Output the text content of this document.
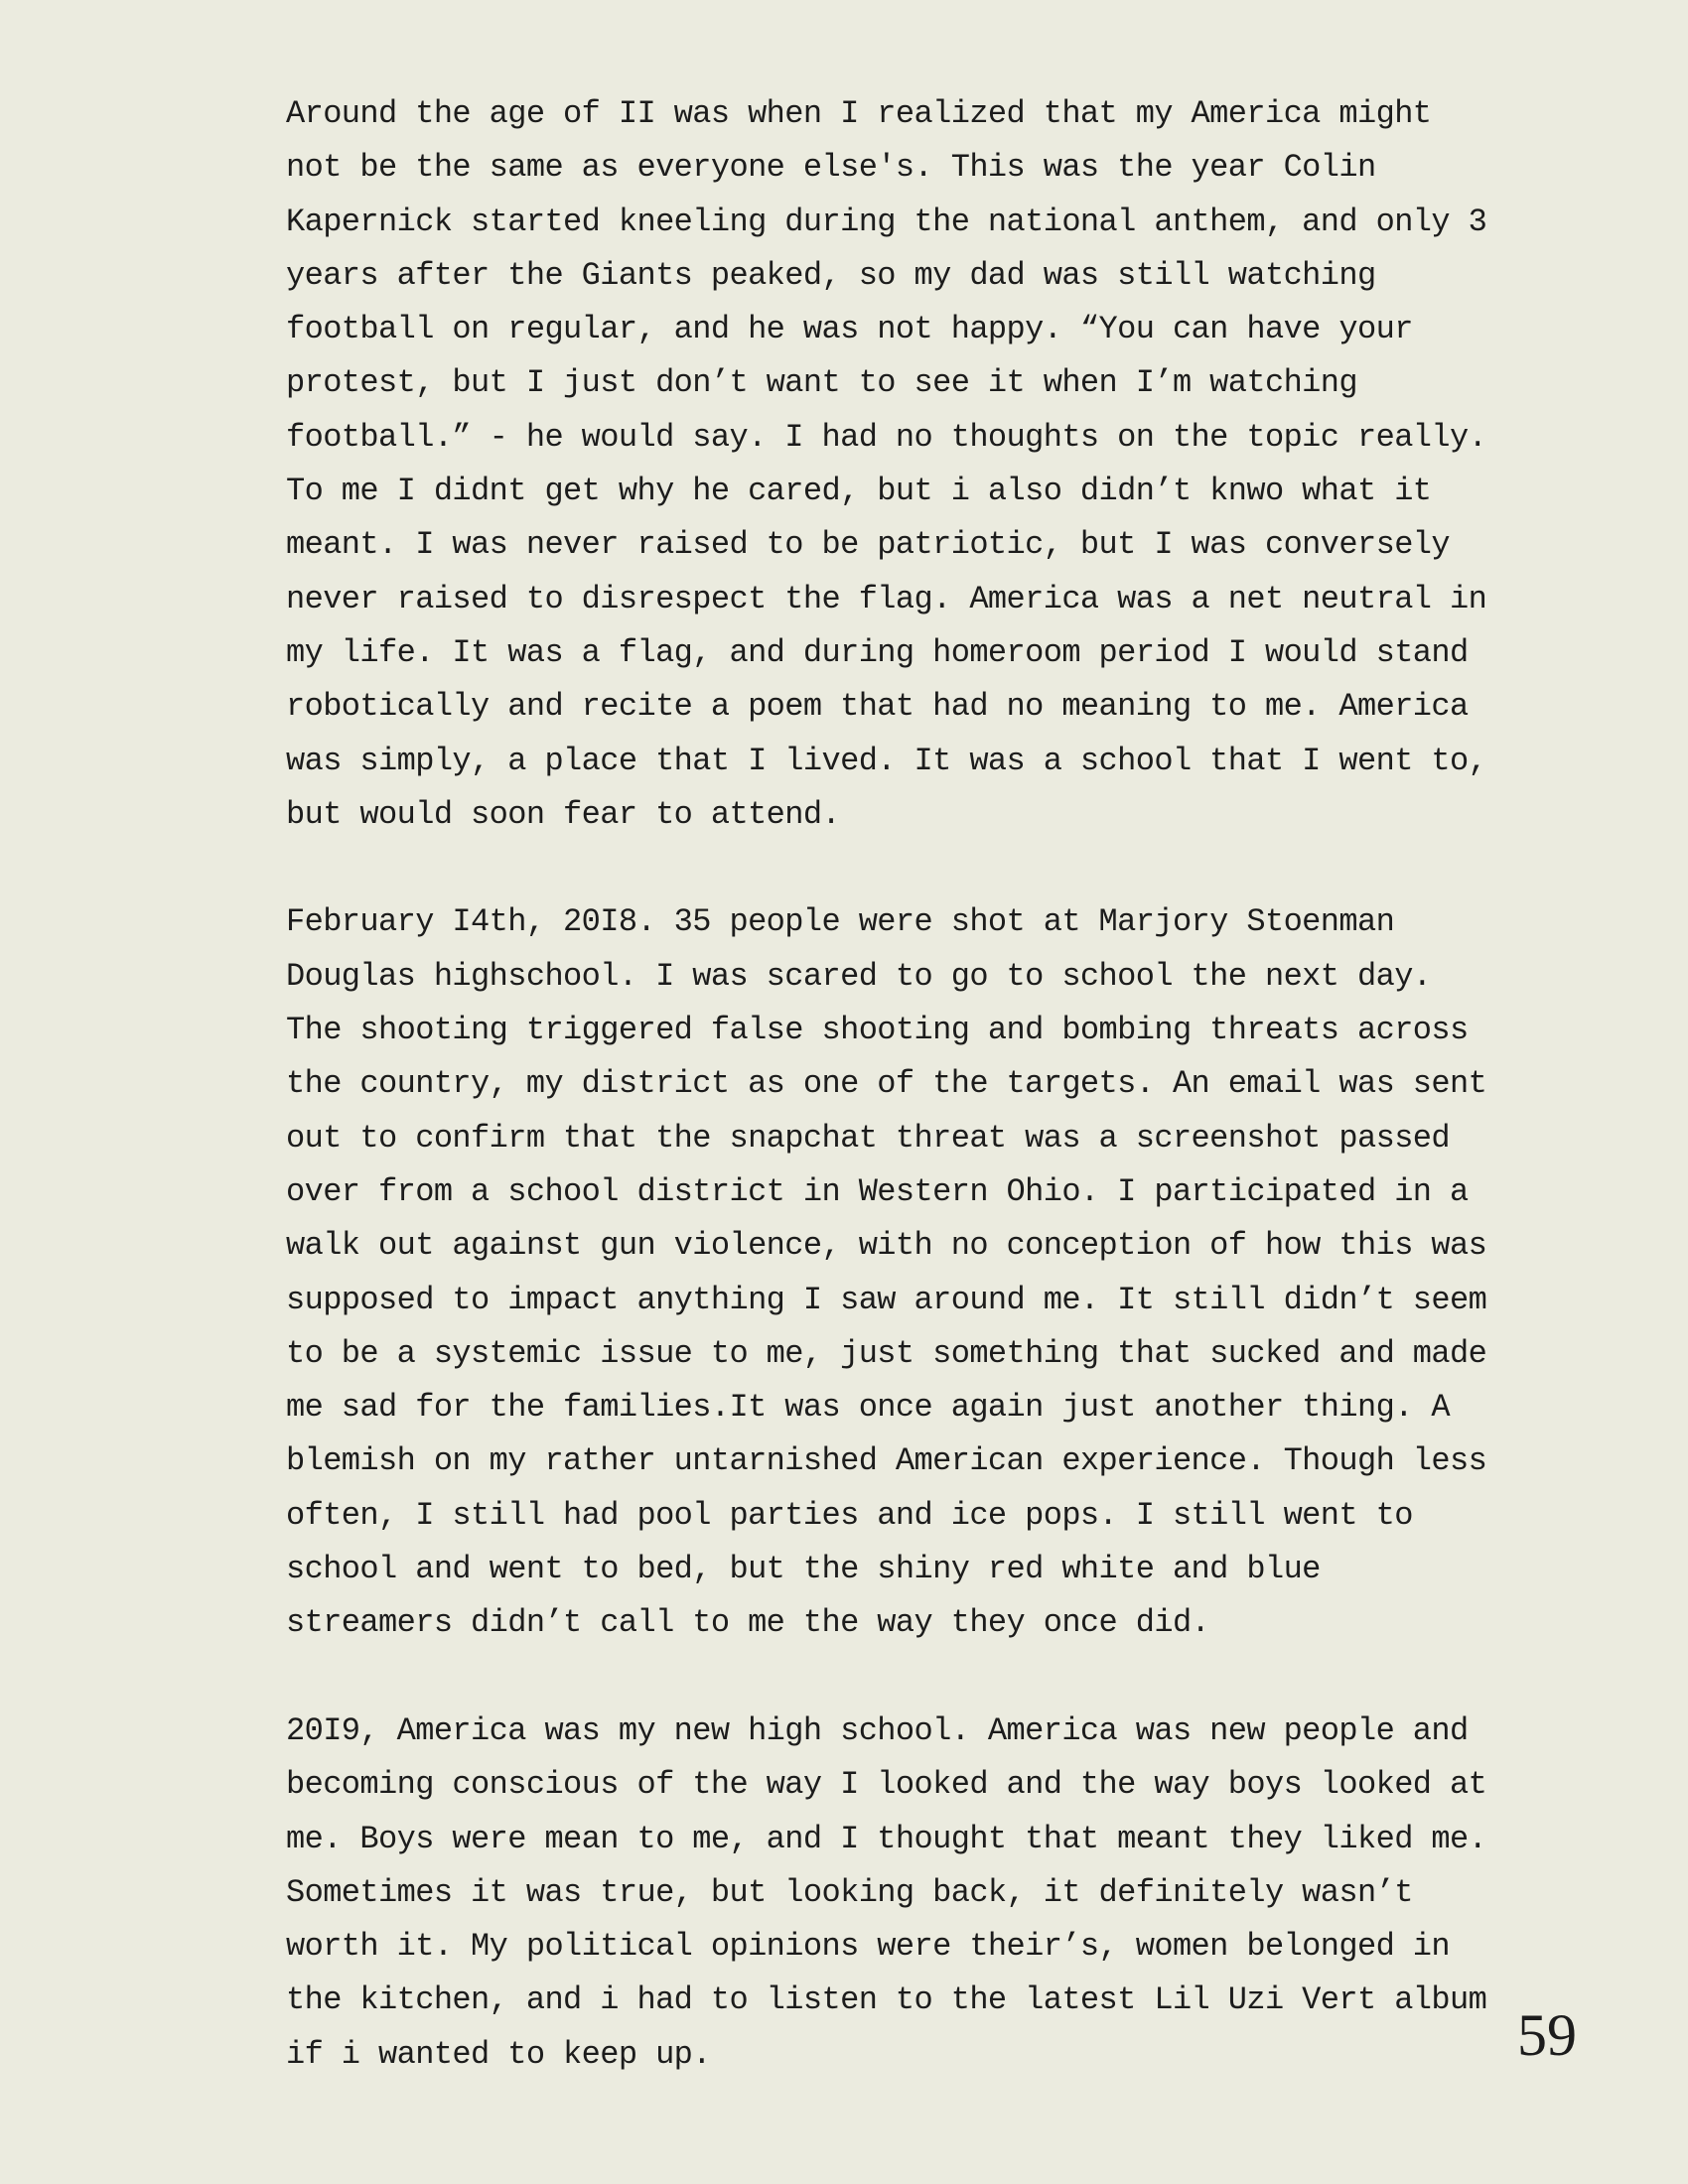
Around the age of II was when I realized that my America might
not be the same as everyone else's. This was the year Colin
Kapernick started kneeling during the national anthem, and only 3
years after the Giants peaked, so my dad was still watching
football on regular, and he was not happy. “You can have your
protest, but I just don’t want to see it when I’m watching
football.” - he would say. I had no thoughts on the topic really.
To me I didnt get why he cared, but i also didn’t knwo what it
meant. I was never raised to be patriotic, but I was conversely
never raised to disrespect the flag. America was a net neutral in
my life. It was a flag, and during homeroom period I would stand
robotically and recite a poem that had no meaning to me. America
was simply, a place that I lived. It was a school that I went to,
but would soon fear to attend.
February I4th, 20I8. 35 people were shot at Marjory Stoenman
Douglas highschool. I was scared to go to school the next day.
The shooting triggered false shooting and bombing threats across
the country, my district as one of the targets. An email was sent
out to confirm that the snapchat threat was a screenshot passed
over from a school district in Western Ohio. I participated in a
walk out against gun violence, with no conception of how this was
supposed to impact anything I saw around me. It still didn’t seem
to be a systemic issue to me, just something that sucked and made
me sad for the families.It was once again just another thing. A
blemish on my rather untarnished American experience. Though less
often, I still had pool parties and ice pops. I still went to
school and went to bed, but the shiny red white and blue
streamers didn’t call to me the way they once did.
20I9, America was my new high school. America was new people and
becoming conscious of the way I looked and the way boys looked at
me. Boys were mean to me, and I thought that meant they liked me.
Sometimes it was true, but looking back, it definitely wasn’t
worth it. My political opinions were their’s, women belonged in
the kitchen, and i had to listen to the latest Lil Uzi Vert album
if i wanted to keep up.	59
